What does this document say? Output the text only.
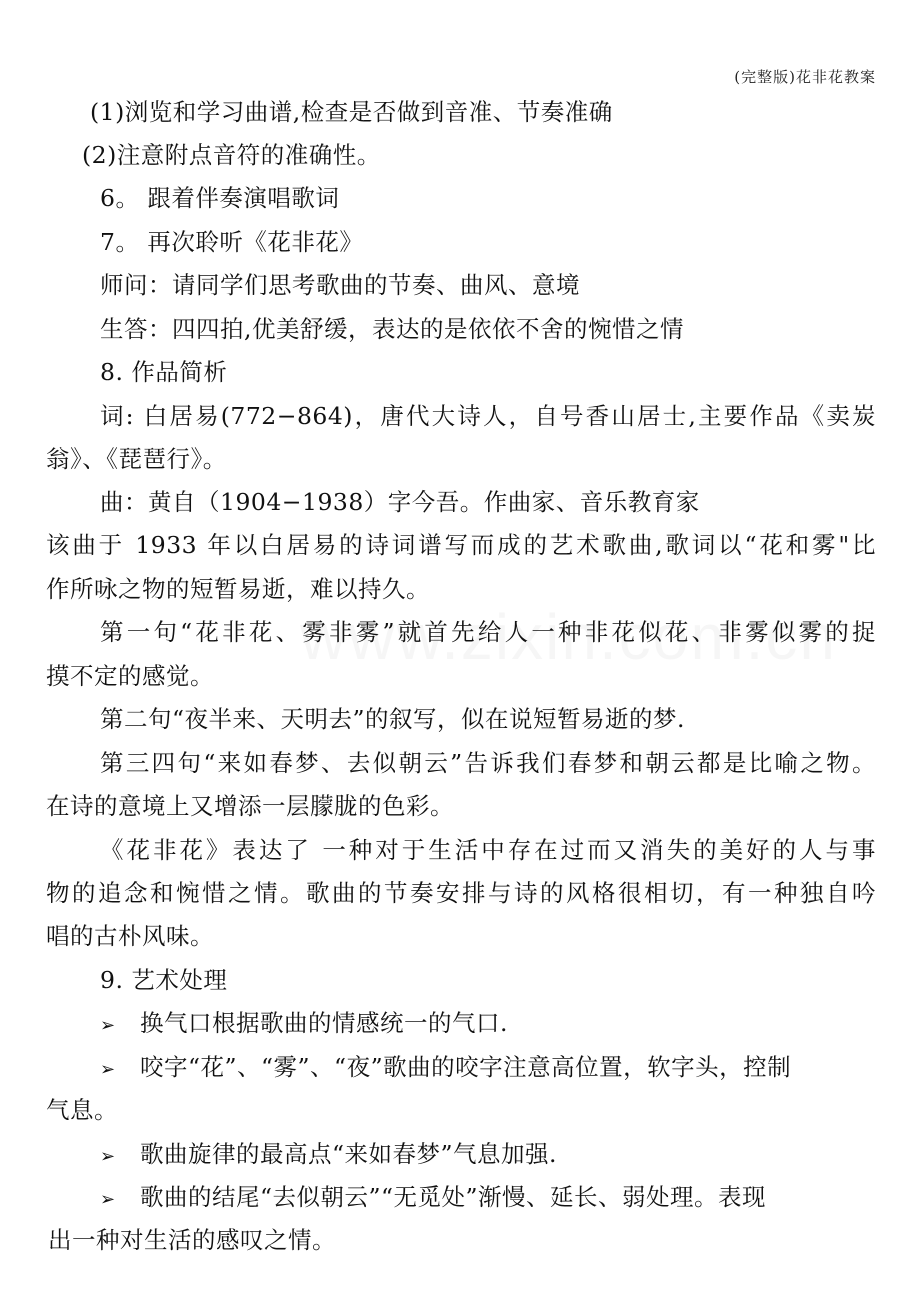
(完整版)花非花教案
(1)浏览和学习曲谱,检查是否做到音准、节奏准确
(2)注意附点音符的准确性。
6。 跟着伴奏演唱歌词
7。 再次聆听《花非花》
师问：请同学们思考歌曲的节奏、曲风、意境
生答：四四拍,优美舒缓，表达的是依依不舍的惋惜之情
8. 作品简析
词: 白居易(772−864)，唐代大诗人，自号香山居士,主要作品《卖炭
翁》、《琵琶行》。
曲：黄自（1904−1938）字今吾。作曲家、音乐教育家
该曲于 1933 年以白居易的诗词谱写而成的艺术歌曲,歌词以“花和雾"比
作所咏之物的短暂易逝，难以持久。
第一句“花非花、雾非雾”就首先给人一种非花似花、非雾似雾的捉
摸不定的感觉。
第二句“夜半来、天明去”的叙写，似在说短暂易逝的梦.
第三四句“来如春梦、去似朝云”告诉我们春梦和朝云都是比喻之物。
在诗的意境上又增添一层朦胧的色彩。
《花非花》表达了 一种对于生活中存在过而又消失的美好的人与事
物的追念和惋惜之情。歌曲的节奏安排与诗的风格很相切，有一种独自吟
唱的古朴风味。
9. 艺术处理
➢ 换气口根据歌曲的情感统一的气口.
➢ 咬字“花”、“雾”、“夜”歌曲的咬字注意高位置，软字头，控制
气息。
➢ 歌曲旋律的最高点“来如春梦”气息加强.
➢ 歌曲的结尾“去似朝云”“无觅处”渐慢、延长、弱处理。表现
出一种对生活的感叹之情。
